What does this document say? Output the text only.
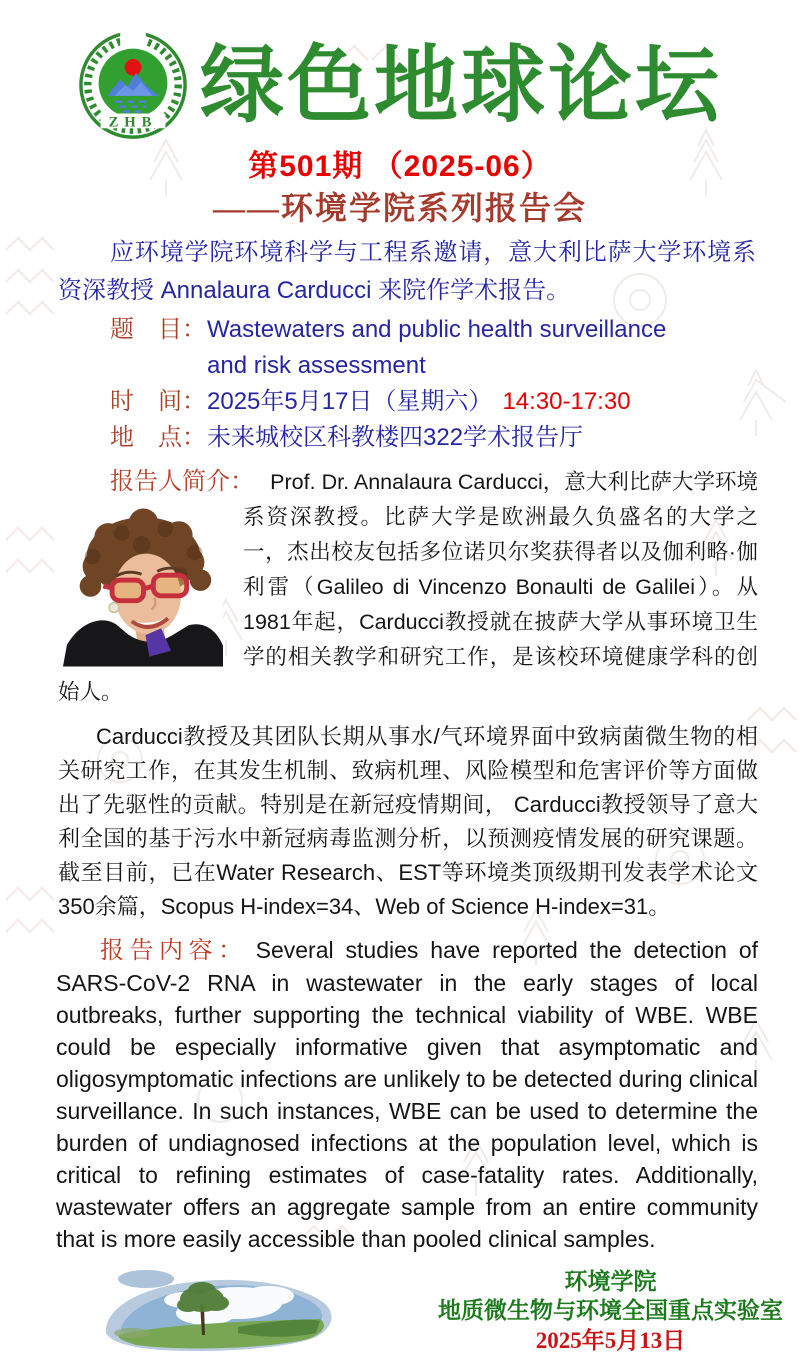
ZHB 绿色地球论坛
第501期 （2025-06）
——环境学院系列报告会

应环境学院环境科学与工程系邀请，意大利比萨大学环境系资深教授 Annalaura Carducci 来院作学术报告。

题　目： Wastewaters and public health surveillance
and risk assessment
时　间： 2025年5月17日（星期六） 14:30-17:30
地　点： 未来城校区科教楼四322学术报告厅

报告人简介： Prof. Dr. Annalaura Carducci，意大利比萨大学环境系资深教授。比萨大学是欧洲最久负盛名的大学之一，杰出校友包括多位诺贝尔奖获得者以及伽利略·伽利雷（Galileo di Vincenzo Bonaulti de Galilei）。从1981年起，Carducci教授就在披萨大学从事环境卫生学的相关教学和研究工作，是该校环境健康学科的创始人。

Carducci教授及其团队长期从事水/气环境界面中致病菌微生物的相关研究工作，在其发生机制、致病机理、风险模型和危害评价等方面做出了先驱性的贡献。特别是在新冠疫情期间， Carducci教授领导了意大利全国的基于污水中新冠病毒监测分析，以预测疫情发展的研究课题。截至目前，已在Water Research、EST等环境类顶级期刊发表学术论文350余篇，Scopus H-index=34、Web of Science H-index=31。

报告内容： Several studies have reported the detection of SARS-CoV-2 RNA in wastewater in the early stages of local outbreaks, further supporting the technical viability of WBE. WBE could be especially informative given that asymptomatic and oligosymptomatic infections are unlikely to be detected during clinical surveillance. In such instances, WBE can be used to determine the burden of undiagnosed infections at the population level, which is critical to refining estimates of case-fatality rates. Additionally, wastewater offers an aggregate sample from an entire community that is more easily accessible than pooled clinical samples.

环境学院
地质微生物与环境全国重点实验室
2025年5月13日
